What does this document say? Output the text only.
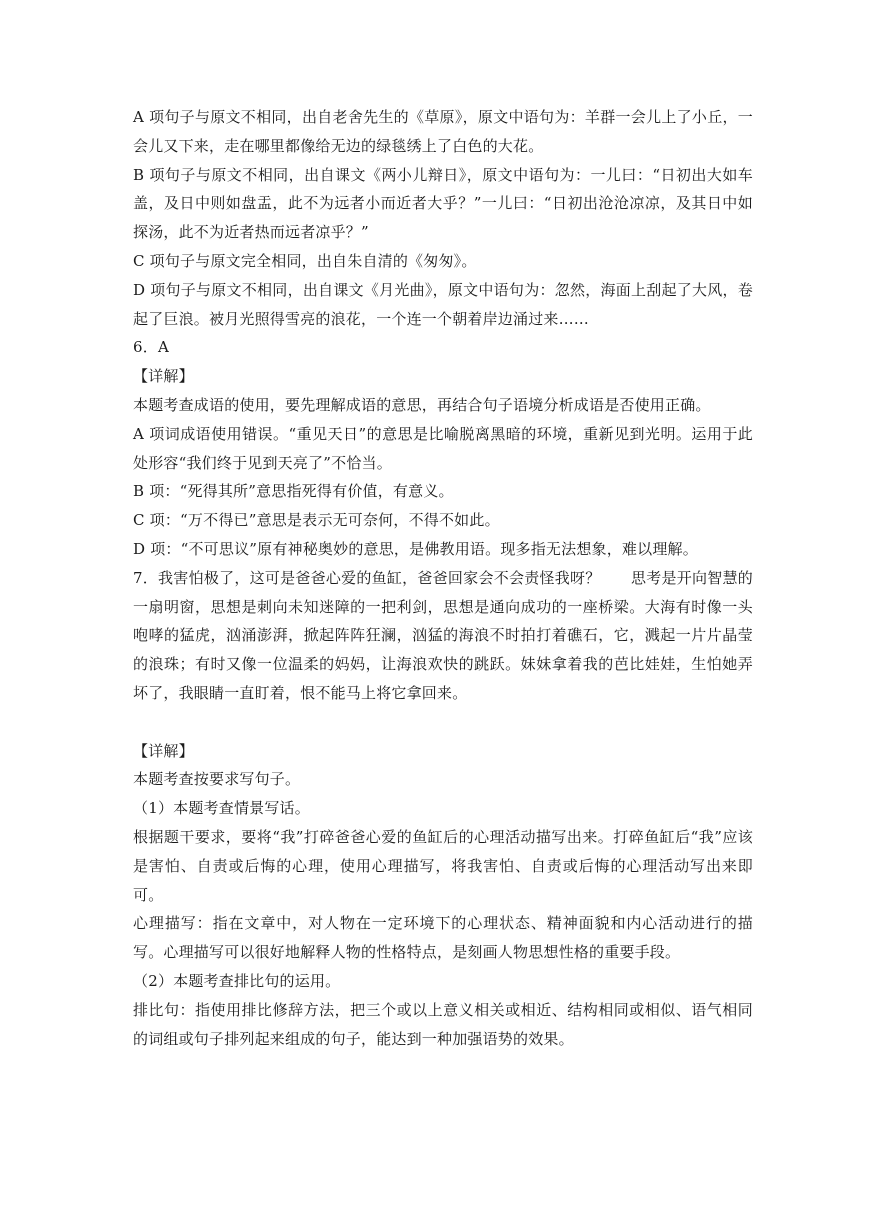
A 项句子与原文不相同，出自老舍先生的《草原》，原文中语句为：羊群一会儿上了小丘，一会儿又下来，走在哪里都像给无边的绿毯绣上了白色的大花。

B 项句子与原文不相同，出自课文《两小儿辩日》，原文中语句为：一儿曰：“日初出大如车盖，及日中则如盘盂，此不为远者小而近者大乎？”一儿曰：“日初出沧沧凉凉，及其日中如探汤，此不为近者热而远者凉乎？”

C 项句子与原文完全相同，出自朱自清的《匆匆》。

D 项句子与原文不相同，出自课文《月光曲》，原文中语句为：忽然，海面上刮起了大风，卷起了巨浪。被月光照得雪亮的浪花，一个连一个朝着岸边涌过来……

6．A

【详解】

本题考查成语的使用，要先理解成语的意思，再结合句子语境分析成语是否使用正确。

A 项词成语使用错误。“重见天日”的意思是比喻脱离黑暗的环境，重新见到光明。运用于此处形容“我们终于见到天亮了”不恰当。

B 项：“死得其所”意思指死得有价值，有意义。

C 项：“万不得已”意思是表示无可奈何，不得不如此。

D 项：“不可思议”原有神秘奥妙的意思，是佛教用语。现多指无法想象，难以理解。

7．我害怕极了，这可是爸爸心爱的鱼缸，爸爸回家会不会责怪我呀？　　思考是开向智慧的一扇明窗，思想是刺向未知迷障的一把利剑，思想是通向成功的一座桥梁。大海有时像一头咆哮的猛虎，汹涌澎湃，掀起阵阵狂澜，汹猛的海浪不时拍打着礁石，它，溅起一片片晶莹的浪珠；有时又像一位温柔的妈妈，让海浪欢快的跳跃。妹妹拿着我的芭比娃娃，生怕她弄坏了，我眼睛一直盯着，恨不能马上将它拿回来。

【详解】

本题考查按要求写句子。

（1）本题考查情景写话。

根据题干要求，要将“我”打碎爸爸心爱的鱼缸后的心理活动描写出来。打碎鱼缸后“我”应该是害怕、自责或后悔的心理，使用心理描写，将我害怕、自责或后悔的心理活动写出来即可。

心理描写：指在文章中，对人物在一定环境下的心理状态、精神面貌和内心活动进行的描写。心理描写可以很好地解释人物的性格特点，是刻画人物思想性格的重要手段。

（2）本题考查排比句的运用。

排比句：指使用排比修辞方法，把三个或以上意义相关或相近、结构相同或相似、语气相同的词组或句子排列起来组成的句子，能达到一种加强语势的效果。
